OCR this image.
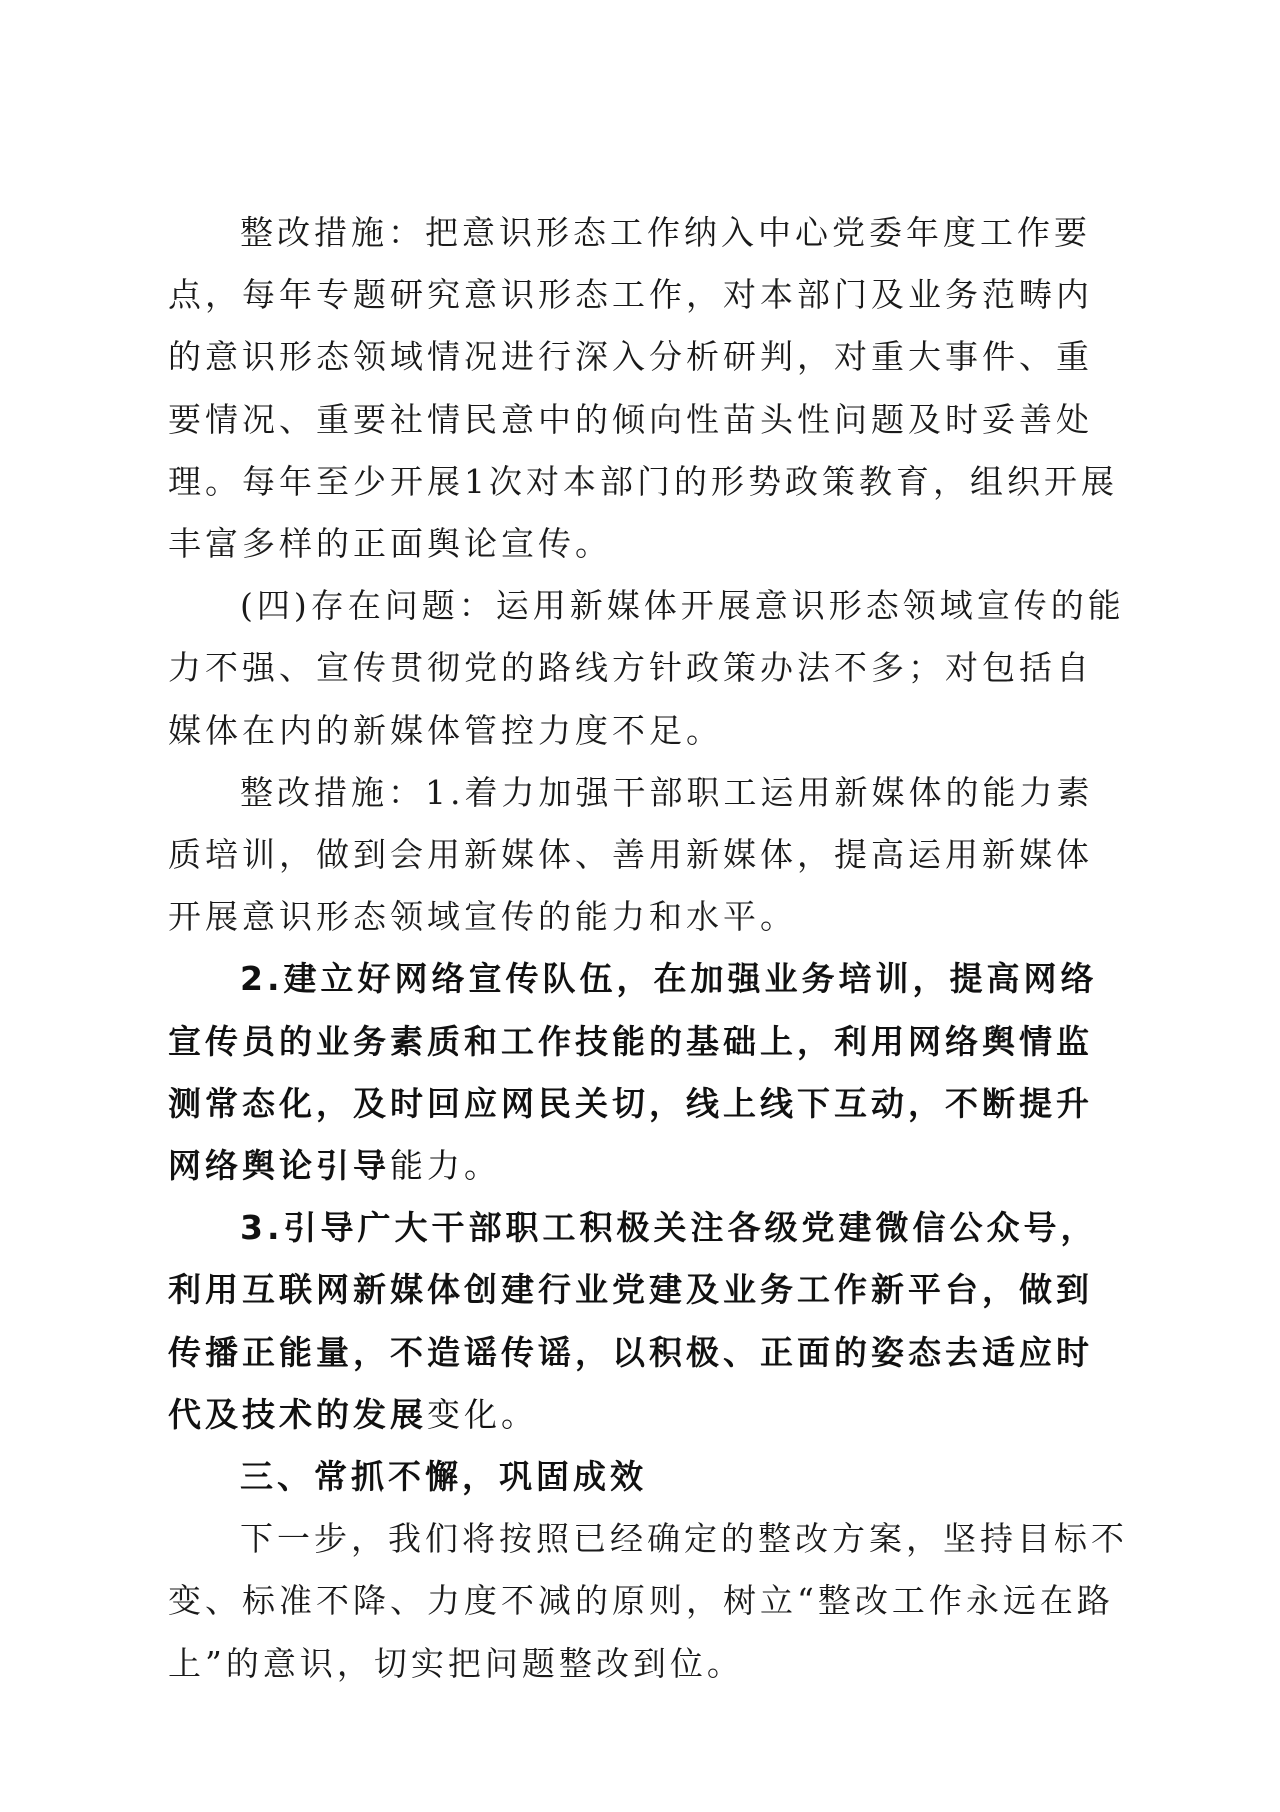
整改措施：把意识形态工作纳入中心党委年度工作要点，每年专题研究意识形态工作，对本部门及业务范畴内的意识形态领域情况进行深入分析研判，对重大事件、重要情况、重要社情民意中的倾向性苗头性问题及时妥善处理。每年至少开展1次对本部门的形势政策教育，组织开展丰富多样的正面舆论宣传。

(四)存在问题：运用新媒体开展意识形态领域宣传的能力不强、宣传贯彻党的路线方针政策办法不多；对包括自媒体在内的新媒体管控力度不足。

整改措施：1.着力加强干部职工运用新媒体的能力素质培训，做到会用新媒体、善用新媒体，提高运用新媒体开展意识形态领域宣传的能力和水平。

2.建立好网络宣传队伍，在加强业务培训，提高网络宣传员的业务素质和工作技能的基础上，利用网络舆情监测常态化，及时回应网民关切，线上线下互动，不断提升网络舆论引导能力。

3.引导广大干部职工积极关注各级党建微信公众号，利用互联网新媒体创建行业党建及业务工作新平台，做到传播正能量，不造谣传谣，以积极、正面的姿态去适应时代及技术的发展变化。

三、常抓不懈，巩固成效

下一步，我们将按照已经确定的整改方案，坚持目标不变、标准不降、力度不减的原则，树立“整改工作永远在路上”的意识，切实把问题整改到位。
